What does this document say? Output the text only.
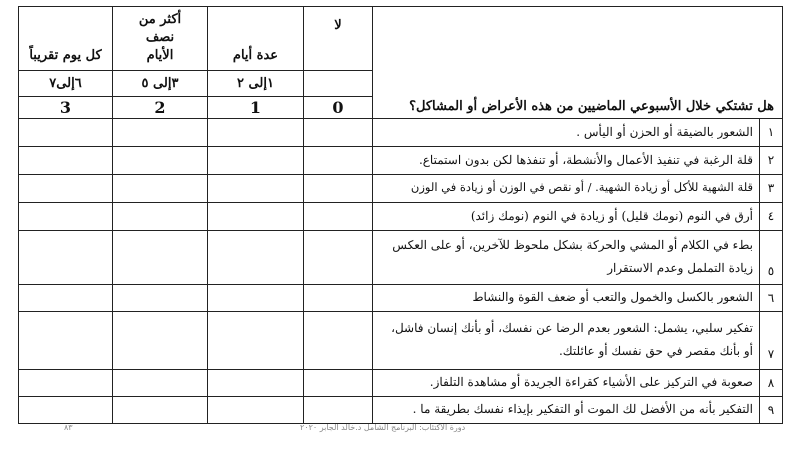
كل يوم تقريباً	أكثر من نصف الأيام	عدة أيام	لا	هل تشتكي خلال الأسبوعي الماضيين من هذه الأعراض أو المشاكل؟	
٦إلى٧	٣إلى ٥	١إلى ٢			
3	2	1	0		
				الشعور بالضيقة أو الحزن أو اليأس .	١
				قلة الرغبة في تنفيذ الأعمال والأنشطة، أو تنفذها لكن بدون استمتاع.	٢
				قلة الشهية للأكل أو زيادة الشهية. / أو نقص في الوزن أو زيادة في الوزن	٣
				أرق في النوم (نومك قليل) أو زيادة في النوم (نومك زائد)	٤
				بطء في الكلام أو المشي والحركة بشكل ملحوظ للآخرين، أو على العكس زيادة التململ وعدم الاستقرار	٥
				الشعور بالكسل والخمول والتعب أو ضعف القوة والنشاط	٦
				تفكير سلبي، يشمل: الشعور بعدم الرضا عن نفسك، أو بأنك إنسان فاشل، أو بأنك مقصر في حق نفسك أو عائلتك.	٧
				صعوبة في التركيز على الأشياء كقراءة الجريدة أو مشاهدة التلفاز.	٨
				التفكير بأنه من الأفضل لك الموت أو التفكير بإيذاء نفسك بطريقة ما .	٩
٨٣	دورة الاكتئاب: البرنامج الشامل د.خالد الجابر ٢٠٢٠
